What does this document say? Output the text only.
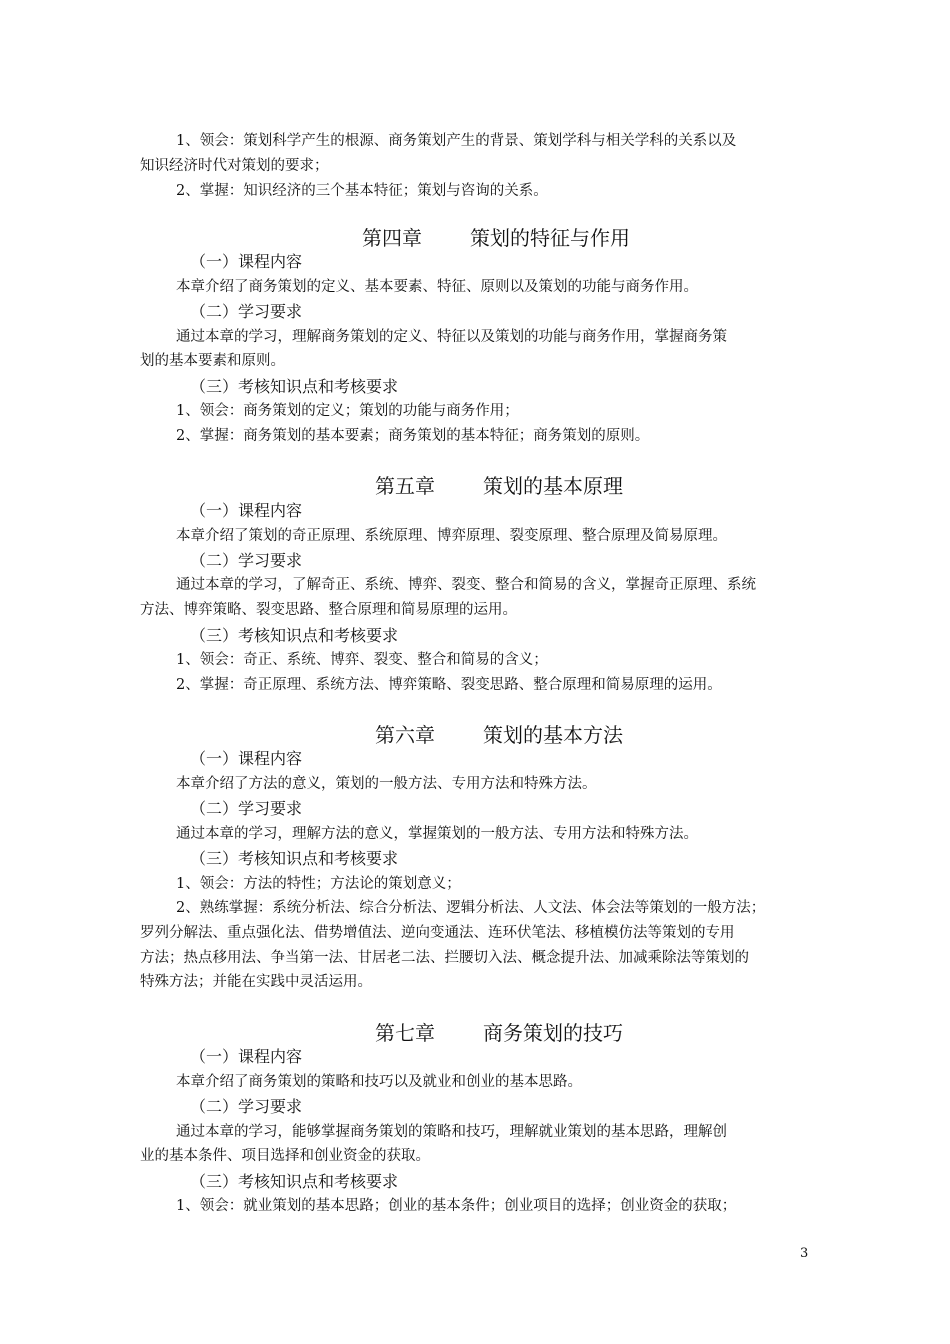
3
1、领会：策划科学产生的根源、商务策划产生的背景、策划学科与相关学科的关系以及
知识经济时代对策划的要求；
2、掌握：知识经济的三个基本特征；策划与咨询的关系。
第四章 策划的特征与作用
（一）课程内容
本章介绍了商务策划的定义、基本要素、特征、原则以及策划的功能与商务作用。
（二）学习要求
通过本章的学习，理解商务策划的定义、特征以及策划的功能与商务作用，掌握商务策
划的基本要素和原则。
（三）考核知识点和考核要求
1、领会：商务策划的定义；策划的功能与商务作用；
2、掌握：商务策划的基本要素；商务策划的基本特征；商务策划的原则。
第五章 策划的基本原理
（一）课程内容
本章介绍了策划的奇正原理、系统原理、博弈原理、裂变原理、整合原理及简易原理。
（二）学习要求
通过本章的学习，了解奇正、系统、博弈、裂变、整合和简易的含义，掌握奇正原理、系统
方法、博弈策略、裂变思路、整合原理和简易原理的运用。
（三）考核知识点和考核要求
1、领会：奇正、系统、博弈、裂变、整合和简易的含义；
2、掌握：奇正原理、系统方法、博弈策略、裂变思路、整合原理和简易原理的运用。
第六章 策划的基本方法
（一）课程内容
本章介绍了方法的意义，策划的一般方法、专用方法和特殊方法。
（二）学习要求
通过本章的学习，理解方法的意义，掌握策划的一般方法、专用方法和特殊方法。
（三）考核知识点和考核要求
1、领会：方法的特性；方法论的策划意义；
2、熟练掌握：系统分析法、综合分析法、逻辑分析法、人文法、体会法等策划的一般方法；
罗列分解法、重点强化法、借势增值法、逆向变通法、连环伏笔法、移植模仿法等策划的专用
方法；热点移用法、争当第一法、甘居老二法、拦腰切入法、概念提升法、加减乘除法等策划的
特殊方法；并能在实践中灵活运用。
第七章 商务策划的技巧
（一）课程内容
本章介绍了商务策划的策略和技巧以及就业和创业的基本思路。
（二）学习要求
通过本章的学习，能够掌握商务策划的策略和技巧，理解就业策划的基本思路，理解创
业的基本条件、项目选择和创业资金的获取。
（三）考核知识点和考核要求
1、领会：就业策划的基本思路；创业的基本条件；创业项目的选择；创业资金的获取；
